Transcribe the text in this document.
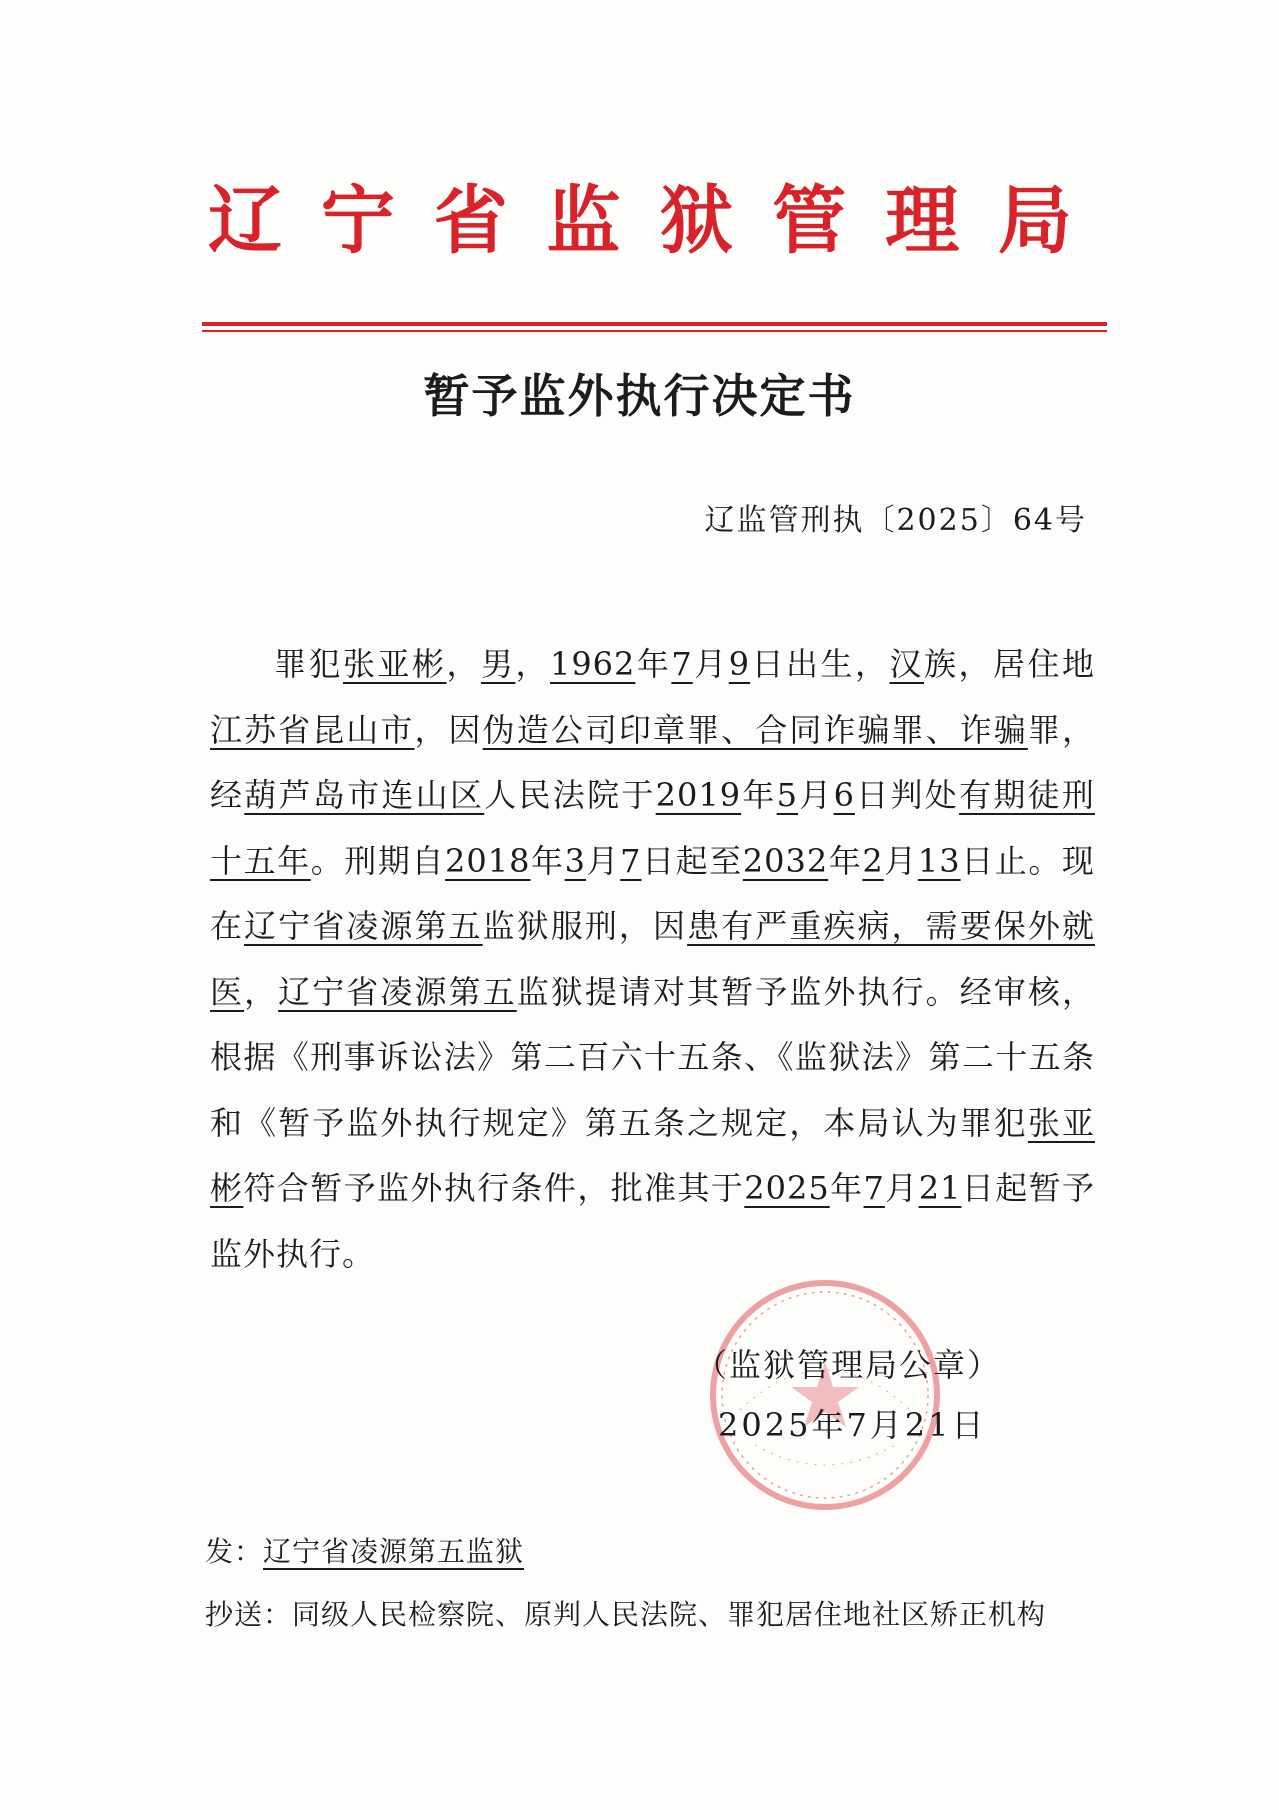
辽 宁 省 监 狱 管 理 局
暂予监外执行决定书
辽监管刑执〔2025〕64号

罪犯张亚彬，男，1962年7月9日出生，汉族，居住地江苏省昆山市，因伪造公司印章罪、合同诈骗罪、诈骗罪，经葫芦岛市连山区人民法院于2019年5月6日判处有期徒刑十五年。刑期自2018年3月7日起至2032年2月13日止。现在辽宁省凌源第五监狱服刑，因患有严重疾病，需要保外就医，辽宁省凌源第五监狱提请对其暂予监外执行。经审核，根据《刑事诉讼法》第二百六十五条、《监狱法》第二十五条和《暂予监外执行规定》第五条之规定，本局认为罪犯张亚彬符合暂予监外执行条件，批准其于2025年7月21日起暂予监外执行。

（监狱管理局公章）
2025年7月21日
发：辽宁省凌源第五监狱
抄送：同级人民检察院、原判人民法院、罪犯居住地社区矫正机构
